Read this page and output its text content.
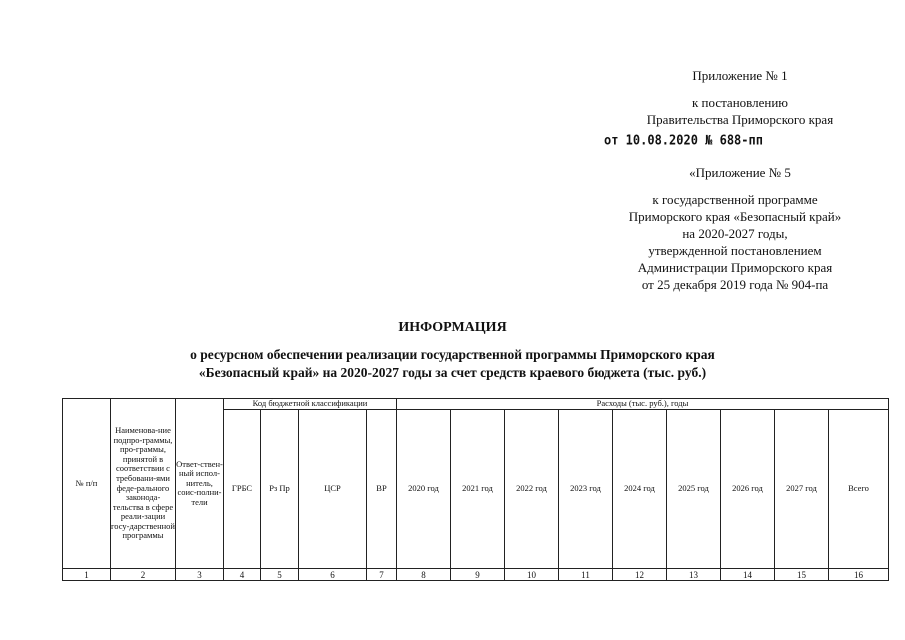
Приложение № 1
к постановлению
Правительства Приморского края
от 10.08.2020 № 688-пп
«Приложение № 5
к государственной программе
Приморского края «Безопасный край»
на 2020-2027 годы,
утвержденной постановлением
Администрации Приморского края
от 25 декабря 2019 года № 904-па
ИНФОРМАЦИЯ
о ресурсном обеспечении реализации государственной программы Приморского края
«Безопасный край» на 2020-2027 годы за счет средств краевого бюджета (тыс. руб.)
№ п/п	Наименова-ние подпро-граммы, про-граммы, принятой в соответствии с требовани-ями феде-рального законода-тельства в сфере реали-зации госу-дарственной программы	Ответ-ствен-ный испол-нитель, соис-полни-тели	Код бюджетной классификации				Расходы (тыс. руб.), годы								
			ГРБС	Рз Пр	ЦСР	ВР	2020 год	2021 год	2022 год	2023 год	2024 год	2025 год	2026 год	2027 год	Всего
1	2	3	4	5	6	7	8	9	10	11	12	13	14	15	16
